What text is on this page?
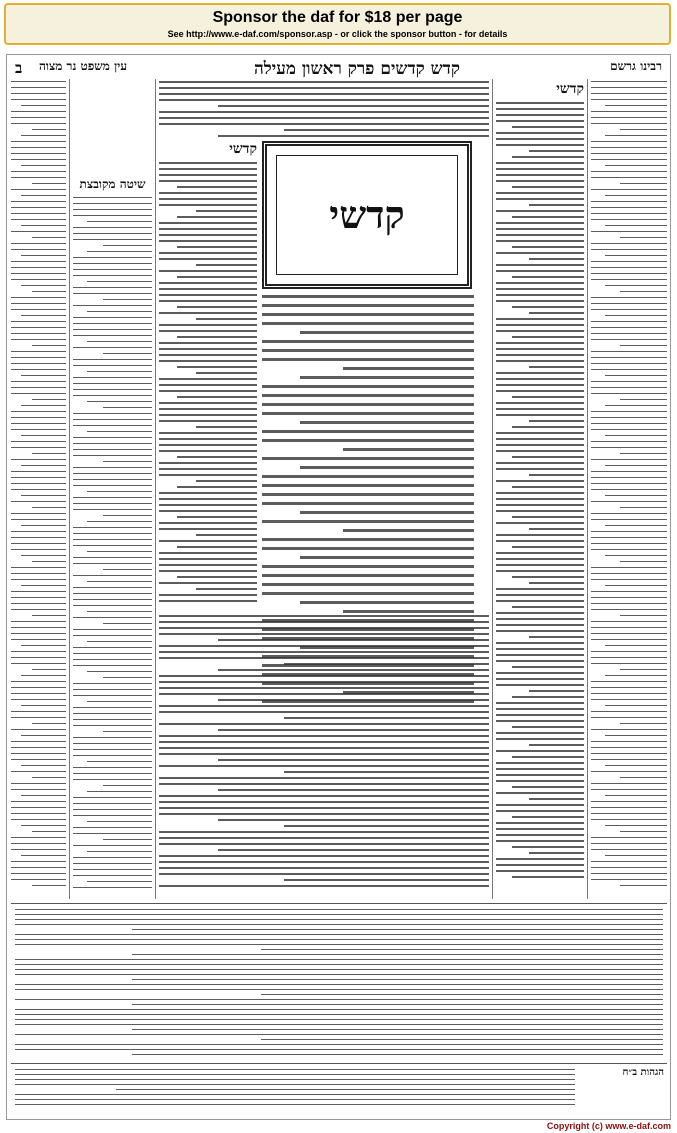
Sponsor the daf for $18 per page
See http://www.e-daf.com/sponsor.asp - or click the sponsor button - for details
קדש קדשים פרק ראשון מעילה	רבינו גרשם
עין משפט נר מצוה
ב
שיטה מקובצת
קדשי
קדשי
קדשי
הגהות ב״ח
Copyright (c) www.e-daf.com
